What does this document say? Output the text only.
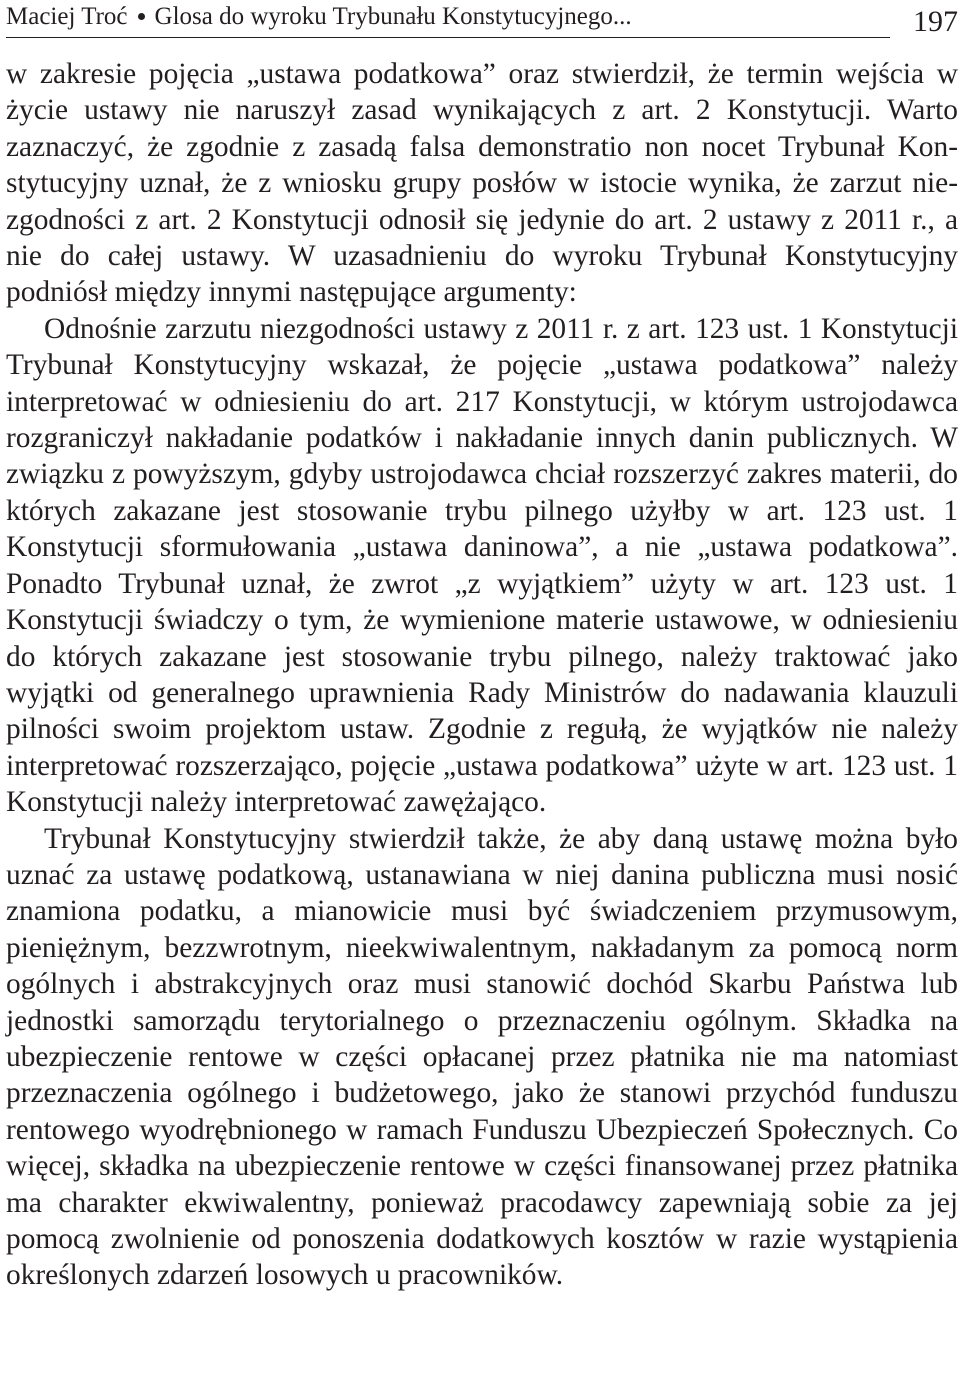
Maciej Troć Glosa do wyroku Trybunału Konstytucyjnego...	197

w zakresie pojęcia „ustawa podatkowa” oraz stwierdził, że termin wejścia w życie ustawy nie naruszył zasad wynikających z art. 2 Konstytucji. Warto zaznaczyć, że zgodnie z zasadą falsa demonstratio non nocet Trybunał Konstytucyjny uznał, że z wniosku grupy posłów w istocie wynika, że zarzut niezgodności z art. 2 Konstytucji odnosił się jedynie do art. 2 ustawy z 2011 r., a nie do całej ustawy. W uzasadnieniu do wyroku Trybunał Konstytucyjny podniósł między innymi następujące argumenty:

Odnośnie zarzutu niezgodności ustawy z 2011 r. z art. 123 ust. 1 Konstytucji Trybunał Konstytucyjny wskazał, że pojęcie „ustawa podatkowa” należy interpretować w odniesieniu do art. 217 Konstytucji, w którym ustrojodawca rozgraniczył nakładanie podatków i nakładanie innych danin publicznych. W związku z powyższym, gdyby ustrojodawca chciał rozszerzyć zakres materii, do których zakazane jest stosowanie trybu pilnego użyłby w art. 123 ust. 1 Konstytucji sformułowania „ustawa daninowa”, a nie „ustawa podatkowa”. Ponadto Trybunał uznał, że zwrot „z wyjątkiem” użyty w art. 123 ust. 1 Konstytucji świadczy o tym, że wymienione materie ustawowe, w odniesieniu do których zakazane jest stosowanie trybu pilnego, należy traktować jako wyjątki od generalnego uprawnienia Rady Ministrów do nadawania klauzuli pilności swoim projektom ustaw. Zgodnie z regułą, że wyjątków nie należy interpretować rozszerzająco, pojęcie „ustawa podatkowa” użyte w art. 123 ust. 1 Konstytucji należy interpretować zawężająco.

Trybunał Konstytucyjny stwierdził także, że aby daną ustawę można było uznać za ustawę podatkową, ustanawiana w niej danina publiczna musi nosić znamiona podatku, a mianowicie musi być świadczeniem przymusowym, pieniężnym, bezzwrotnym, nieekwiwalentnym, nakładanym za pomocą norm ogólnych i abstrakcyjnych oraz musi stanowić dochód Skarbu Państwa lub jednostki samorządu terytorialnego o przeznaczeniu ogólnym. Składka na ubezpieczenie rentowe w części opłacanej przez płatnika nie ma natomiast przeznaczenia ogólnego i budżetowego, jako że stanowi przychód funduszu rentowego wyodrębnionego w ramach Funduszu Ubezpieczeń Społecznych. Co więcej, składka na ubezpieczenie rentowe w części finansowanej przez płatnika ma charakter ekwiwalentny, ponieważ pracodawcy zapewniają sobie za jej pomocą zwolnienie od ponoszenia dodatkowych kosztów w razie wystąpienia określonych zdarzeń losowych u pracowników.
